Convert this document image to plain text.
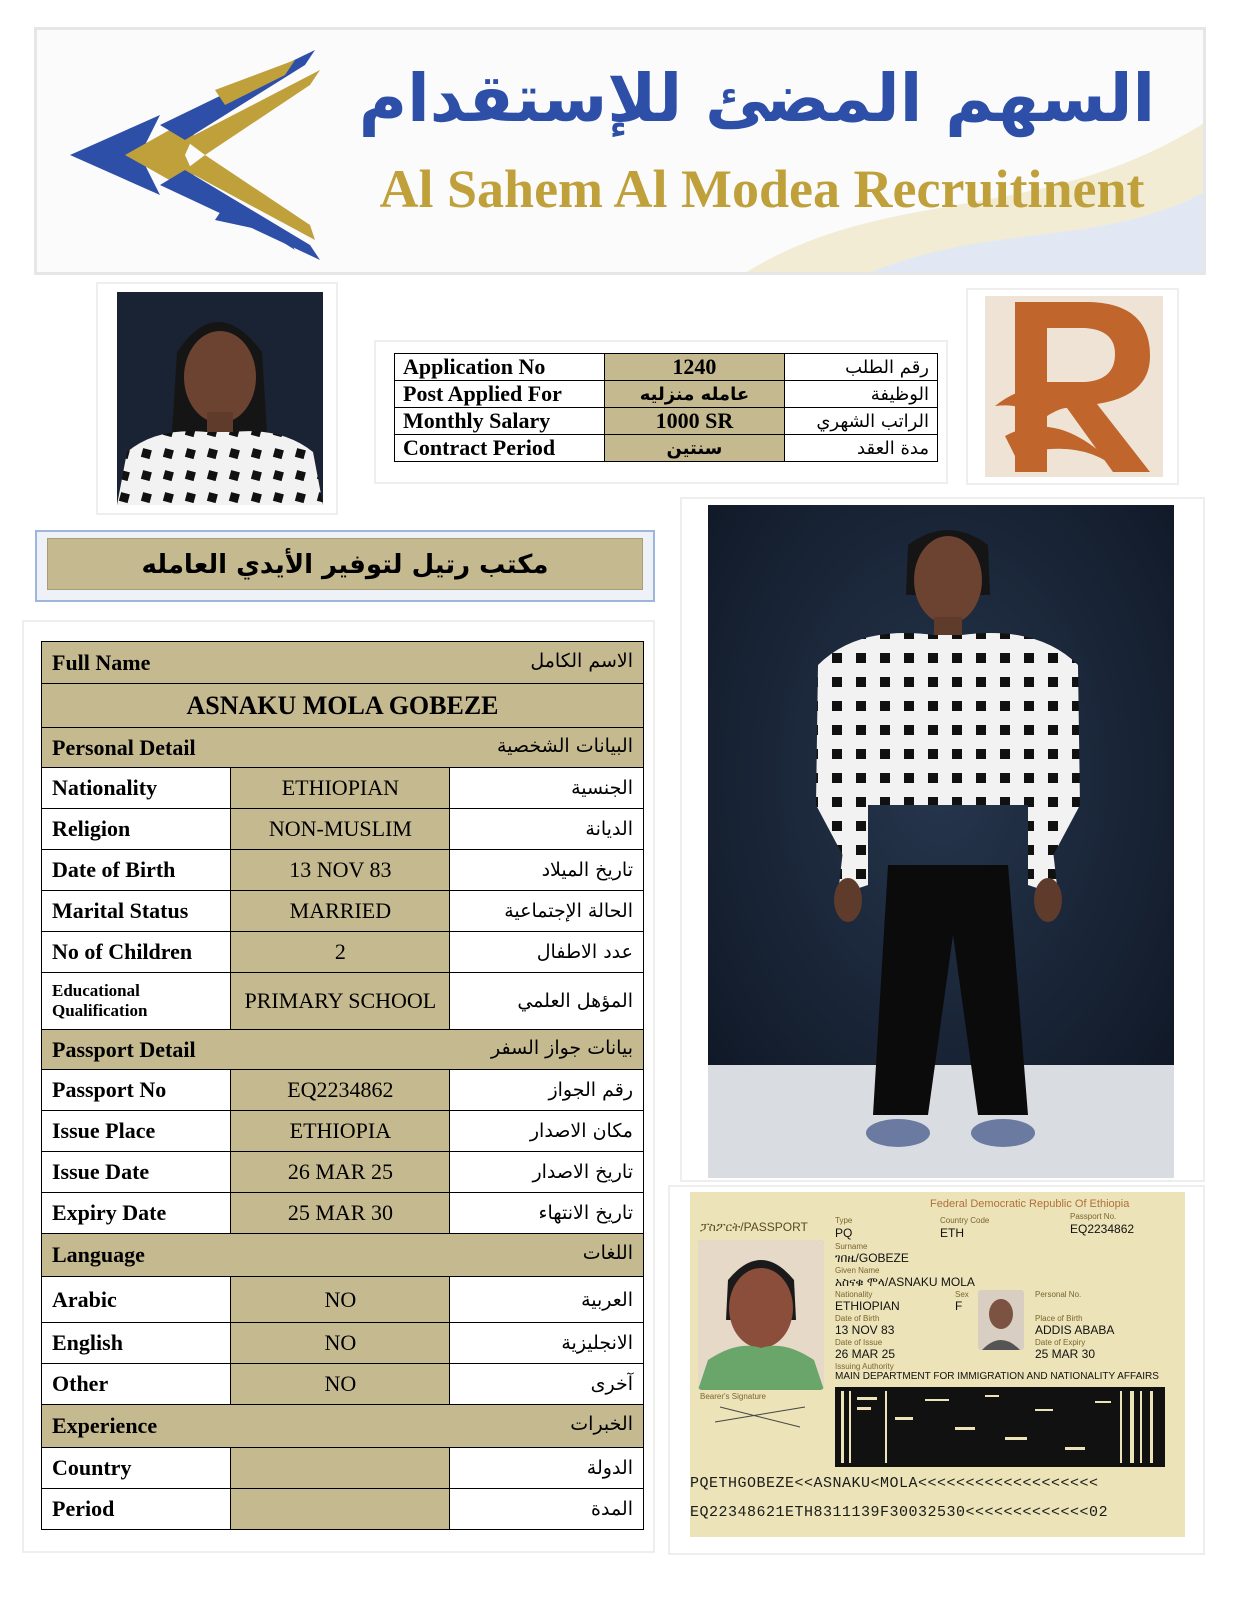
السهم المضئ للإستقدام
Al Sahem Al Modea Recruitinent
Application No	1240	رقم الطلب
Post Applied For	عامله منزليه	الوظيفة
Monthly Salary	1000 SR	الراتب الشهري
Contract Period	سنتين	مدة العقد
مكتب رتيل لتوفير الأيدي العامله
Full Name الاسم الكامل		

ASNAKU MOLA GOBEZE		

Personal Detail البيانات الشخصية		

Nationality	ETHIOPIAN	الجنسية
Religion	NON-MUSLIM	الديانة
Date of Birth	13 NOV 83	تاريخ الميلاد
Marital Status	MARRIED	الحالة الإجتماعية
No of Children	2	عدد الاطفال
Educational Qualification	PRIMARY SCHOOL	المؤهل العلمي

Passport Detail بيانات جواز السفر		

Passport No	EQ2234862	رقم الجواز
Issue Place	ETHIOPIA	مكان الاصدار
Issue Date	26 MAR 25	تاريخ الاصدار
Expiry Date	25 MAR 30	تاريخ الانتهاء

Language اللغات		

Arabic	NO	العربية
English	NO	الانجليزية
Other	NO	آخرى

Experience الخبرات		

Country		الدولة
Period		المدة
Federal Democratic Republic Of Ethiopia
ፓስፖርት/PASSPORT
Bearer's Signature
Type
PQ
Country Code
ETH
Passport No.
EQ2234862
Surname
ገበዜ/GOBEZE
Given Name
አስናቁ ሞላ/ASNAKU MOLA
Nationality
ETHIOPIAN
Sex
F
Personal No.
Date of Birth
13 NOV 83
Place of Birth
ADDIS ABABA
Date of Issue
26 MAR 25
Date of Expiry
25 MAR 30
Issuing Authority
MAIN DEPARTMENT FOR IMMIGRATION AND NATIONALITY AFFAIRS
PQETHGOBEZE<<ASNAKU<MOLA<<<<<<<<<<<<<<<<<<<
EQ22348621ETH8311139F30032530<<<<<<<<<<<<<02
